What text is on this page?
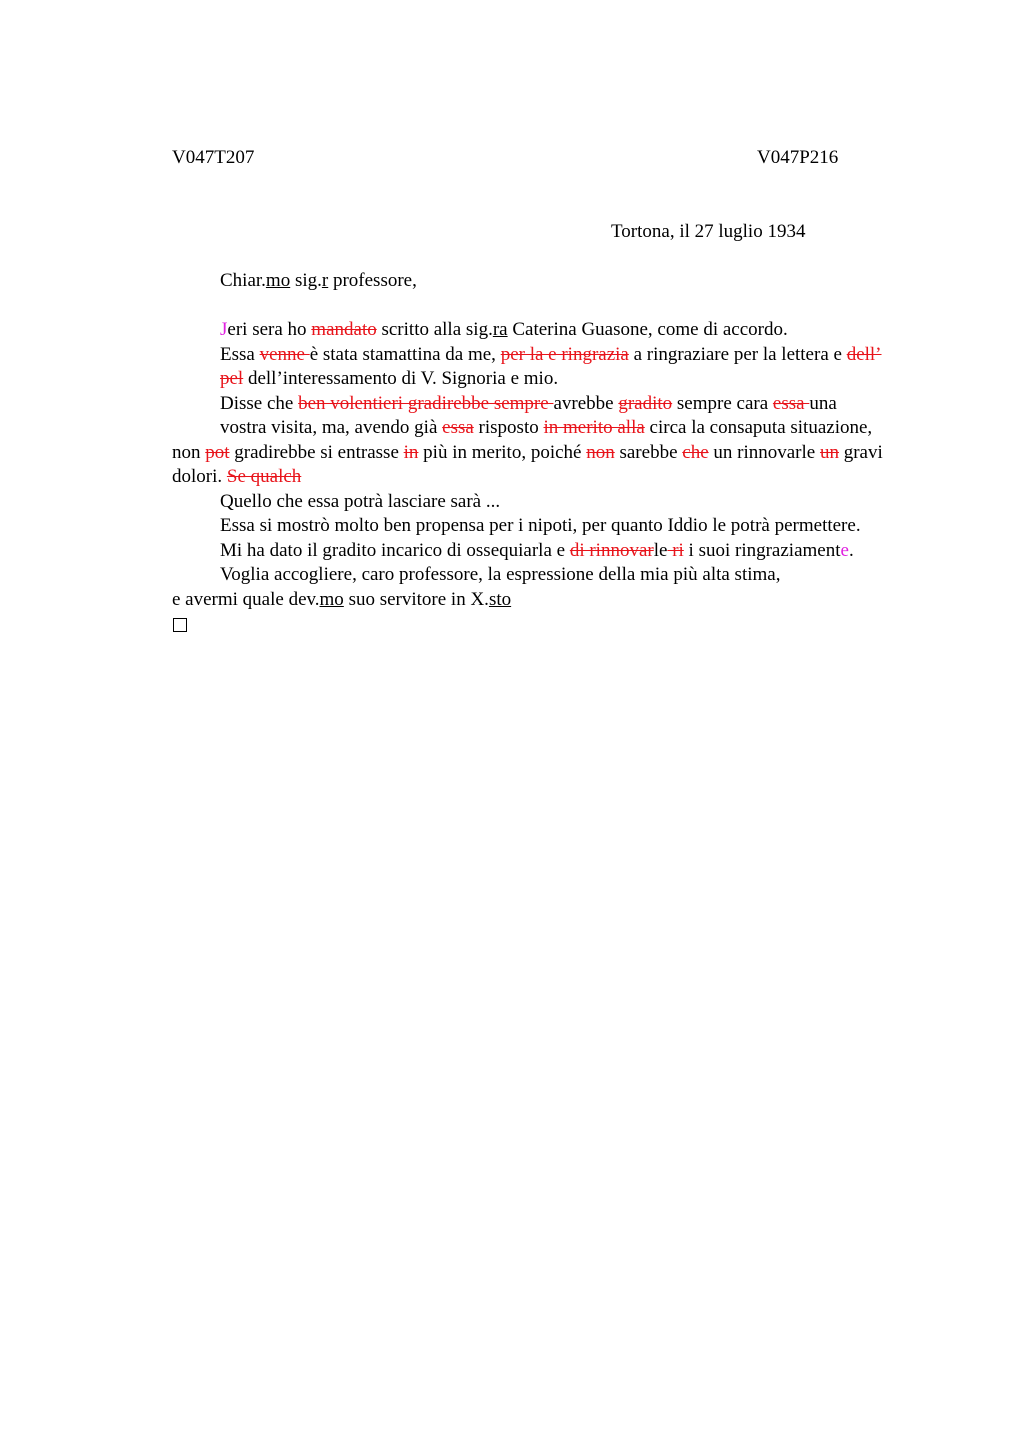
V047T207	V047P216
Tortona, il 27 luglio 1934
Chiar.mo sig.r professore,

Jeri sera ho mandato scritto alla sig.ra Caterina Guasone, come di accordo.

Essa venne è stata stamattina da me, per la e ringrazia a ringraziare per la lettera e dell’ pel dell’interessamento di V. Signoria e mio.

Disse che ben volentieri gradirebbe sempre avrebbe gradito sempre cara essa una vostra visita, ma, avendo già essa risposto in merito alla circa la consaputa situazione,

non pot gradirebbe si entrasse in più in merito, poiché non sarebbe che un rinnovarle un gravi dolori. Se qualch

Quello che essa potrà lasciare sarà ...

Essa si mostrò molto ben propensa per i nipoti, per quanto Iddio le potrà permettere.

Mi ha dato il gradito incarico di ossequiarla e di rinnovarle ri i suoi ringraziamente.

Voglia accogliere, caro professore, la espressione della mia più alta stima,

e avermi quale dev.mo suo servitore in X.sto
